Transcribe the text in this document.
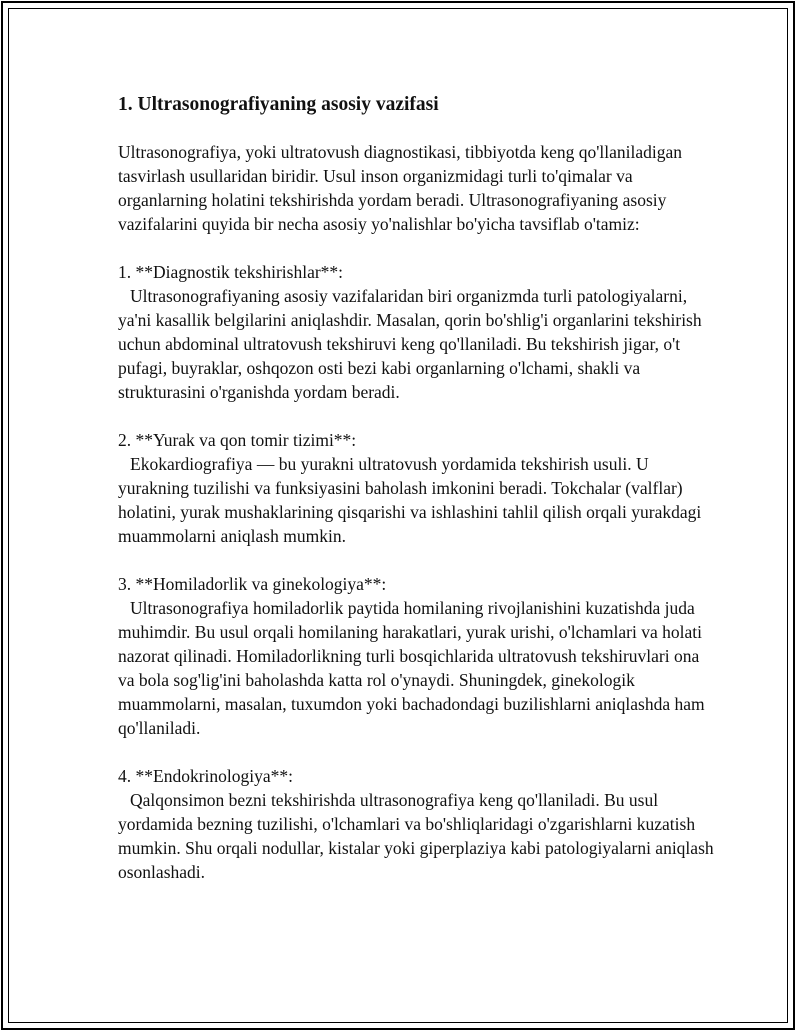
1. Ultrasonografiyaning asosiy vazifasi

Ultrasonografiya, yoki ultratovush diagnostikasi, tibbiyotda keng qo'llaniladigan tasvirlash usullaridan biridir. Usul inson organizmidagi turli to'qimalar va organlarning holatini tekshirishda yordam beradi. Ultrasonografiyaning asosiy vazifalarini quyida bir necha asosiy yo'nalishlar bo'yicha tavsiflab o'tamiz:

1. **Diagnostik tekshirishlar**:

Ultrasonografiyaning asosiy vazifalaridan biri organizmda turli patologiyalarni, ya'ni kasallik belgilarini aniqlashdir. Masalan, qorin bo'shlig'i organlarini tekshirish uchun abdominal ultratovush tekshiruvi keng qo'llaniladi. Bu tekshirish jigar, o't pufagi, buyraklar, oshqozon osti bezi kabi organlarning o'lchami, shakli va strukturasini o'rganishda yordam beradi.

2. **Yurak va qon tomir tizimi**:

Ekokardiografiya — bu yurakni ultratovush yordamida tekshirish usuli. U yurakning tuzilishi va funksiyasini baholash imkonini beradi. Tokchalar (valflar) holatini, yurak mushaklarining qisqarishi va ishlashini tahlil qilish orqali yurakdagi muammolarni aniqlash mumkin.

3. **Homiladorlik va ginekologiya**:

Ultrasonografiya homiladorlik paytida homilaning rivojlanishini kuzatishda juda muhimdir. Bu usul orqali homilaning harakatlari, yurak urishi, o'lchamlari va holati nazorat qilinadi. Homiladorlikning turli bosqichlarida ultratovush tekshiruvlari ona va bola sog'lig'ini baholashda katta rol o'ynaydi. Shuningdek, ginekologik muammolarni, masalan, tuxumdon yoki bachadondagi buzilishlarni aniqlashda ham qo'llaniladi.

4. **Endokrinologiya**:

Qalqonsimon bezni tekshirishda ultrasonografiya keng qo'llaniladi. Bu usul yordamida bezning tuzilishi, o'lchamlari va bo'shliqlaridagi o'zgarishlarni kuzatish mumkin. Shu orqali nodullar, kistalar yoki giperplaziya kabi patologiyalarni aniqlash osonlashadi.
